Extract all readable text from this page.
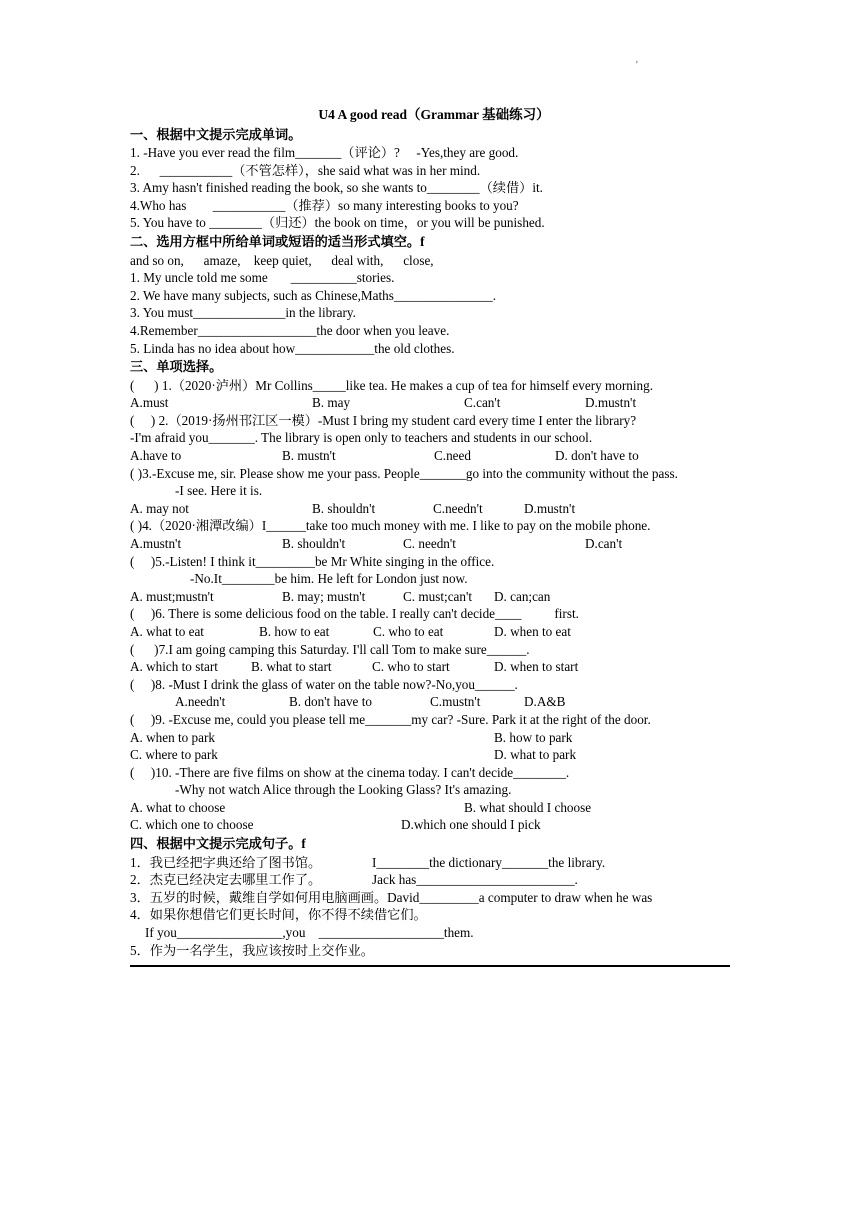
'
U4 A good read（Grammar 基础练习）
一、根据中文提示完成单词。
1. -Have you ever read the film_______（评论）?     -Yes,they are good.
2.      ___________（不管怎样），she said what was in her mind.
3. Amy hasn't finished reading the book, so she wants to________（续借）it.
4.Who has        ___________（推荐）so many interesting books to you?
5. You have to ________（归还）the book on time，or you will be punished.
二、选用方框中所给单词或短语的适当形式填空。f
and so on,      amaze,    keep quiet,      deal with,      close,
1. My uncle told me some       __________stories.
2. We have many subjects, such as Chinese,Maths_______________.
3. You must______________in the library.
4.Remember__________________the door when you leave.
5. Linda has no idea about how____________the old clothes.
三、单项选择。
(      ) 1.（2020·泸州）Mr Collins_____like tea. He makes a cup of tea for himself every morning.
A.must	B. may	C.can't	D.mustn't
(     ) 2.（2019·扬州邗江区一模）-Must I bring my student card every time I enter the library?
-I'm afraid you_______. The library is open only to teachers and students in our school.
A.have to	B. mustn't	C.need	D. don't have to
( )3.-Excuse me, sir. Please show me your pass. People_______go into the community without the pass.
-I see. Here it is.
A. may not	B. shouldn't	C.needn't	D.mustn't
( )4.（2020·湘潭改编）I______take too much money with me. I like to pay on the mobile phone.
A.mustn't	B. shouldn't	C. needn't	D.can't
(     )5.-Listen! I think it_________be Mr White singing in the office.
-No.It________be him. He left for London just now.
A. must;mustn't	B. may; mustn't	C. must;can't	D. can;can
(     )6. There is some delicious food on the table. I really can't decide____          first.
A. what to eat	B. how to eat	C. who to eat	D. when to eat
(      )7.I am going camping this Saturday. I'll call Tom to make sure______.
A. which to start	B. what to start	C. who to start	D. when to start
(     )8. -Must I drink the glass of water on the table now?-No,you______.
A.needn't	B. don't have to	C.mustn't	D.A&B
(     )9. -Excuse me, could you please tell me_______my car? -Sure. Park it at the right of the door.
A. when to park	B. how to park
C. where to park	D. what to park
(     )10. -There are five films on show at the cinema today. I can't decide________.
-Why not watch Alice through the Looking Glass? It's amazing.
A. what to choose	B. what should I choose
C. which one to choose	D.which one should I pick
四、根据中文提示完成句子。f
1．我已经把字典还给了图书馆。	I________the dictionary_______the library.
2．杰克已经决定去哪里工作了。	Jack has________________________.
3．五岁的时候，戴维自学如何用电脑画画。David_________a computer to draw when he was
4．如果你想借它们更长时间，你不得不续借它们。
If you________________,you    ___________________them.
5．作为一名学生，我应该按时上交作业。
